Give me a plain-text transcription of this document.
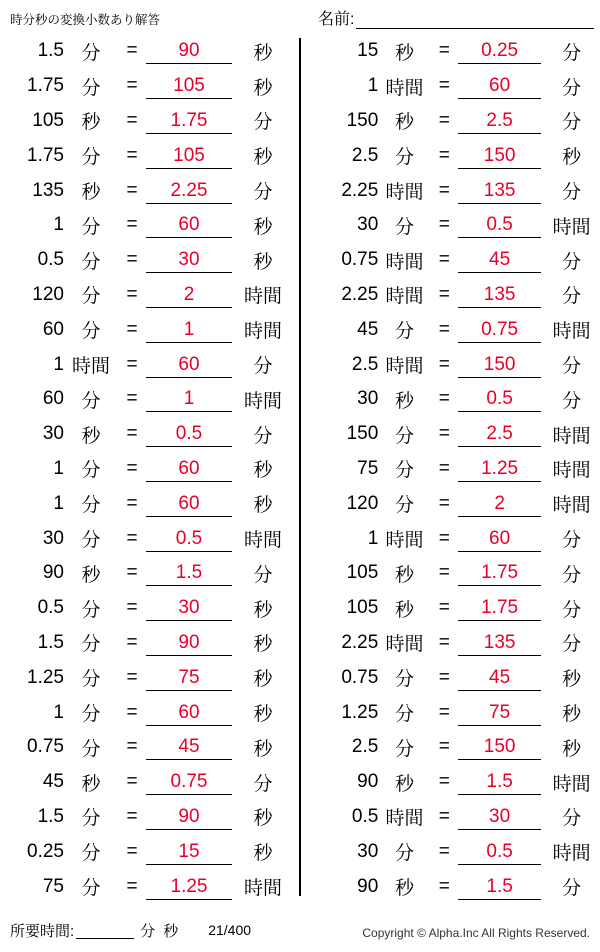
時分秒の変換小数あり解答	名前:
1.5 分	=	90	秒
1.75 分	=	105	秒
105 秒	=	1.75	分
1.75 分	=	105	秒
135 秒	=	2.25	分
1 分	=	60	秒
0.5 分	=	30	秒
120 分	=	2	時間
60 分	=	1	時間
1 時間 =	60	分
60 分	=	1	時間
30 秒	=	0.5	分
1 分	=	60	秒
1 分	=	60	秒
30 分	=	0.5	時間
90 秒	=	1.5	分
0.5 分	=	30	秒
1.5 分	=	90	秒
1.25 分	=	75	秒
1 分	=	60	秒
0.75 分	=	45	秒
45 秒	=	0.75	分
1.5 分	=	90	秒
0.25 分	=	15	秒
75 分	=	1.25	時間
15 秒	=	0.25	分
1 時間 =	60	分
150 秒	=	2.5	分
2.5 分	=	150	秒
2.25 時間 =	135	分
30 分	=	0.5	時間
0.75 時間 =	45	分
2.25 時間 =	135	分
45 分	=	0.75	時間
2.5 時間 =	150	分
30 秒	=	0.5	分
150 分	=	2.5	時間
75 分	=	1.25	時間
120 分	=	2	時間
1 時間 =	60	分
105 秒	=	1.75	分
105 秒	=	1.75	分
2.25 時間 =	135	分
0.75 分	=	45	秒
1.25 分	=	75	秒
2.5 分	=	150	秒
90 秒	=	1.5	時間
0.5 時間 =	30	分
30 分	=	0.5	時間
90 秒	=	1.5	分
所要時間:	分 秒 21/400	Copyright © Alpha.Inc All Rights Reserved.
